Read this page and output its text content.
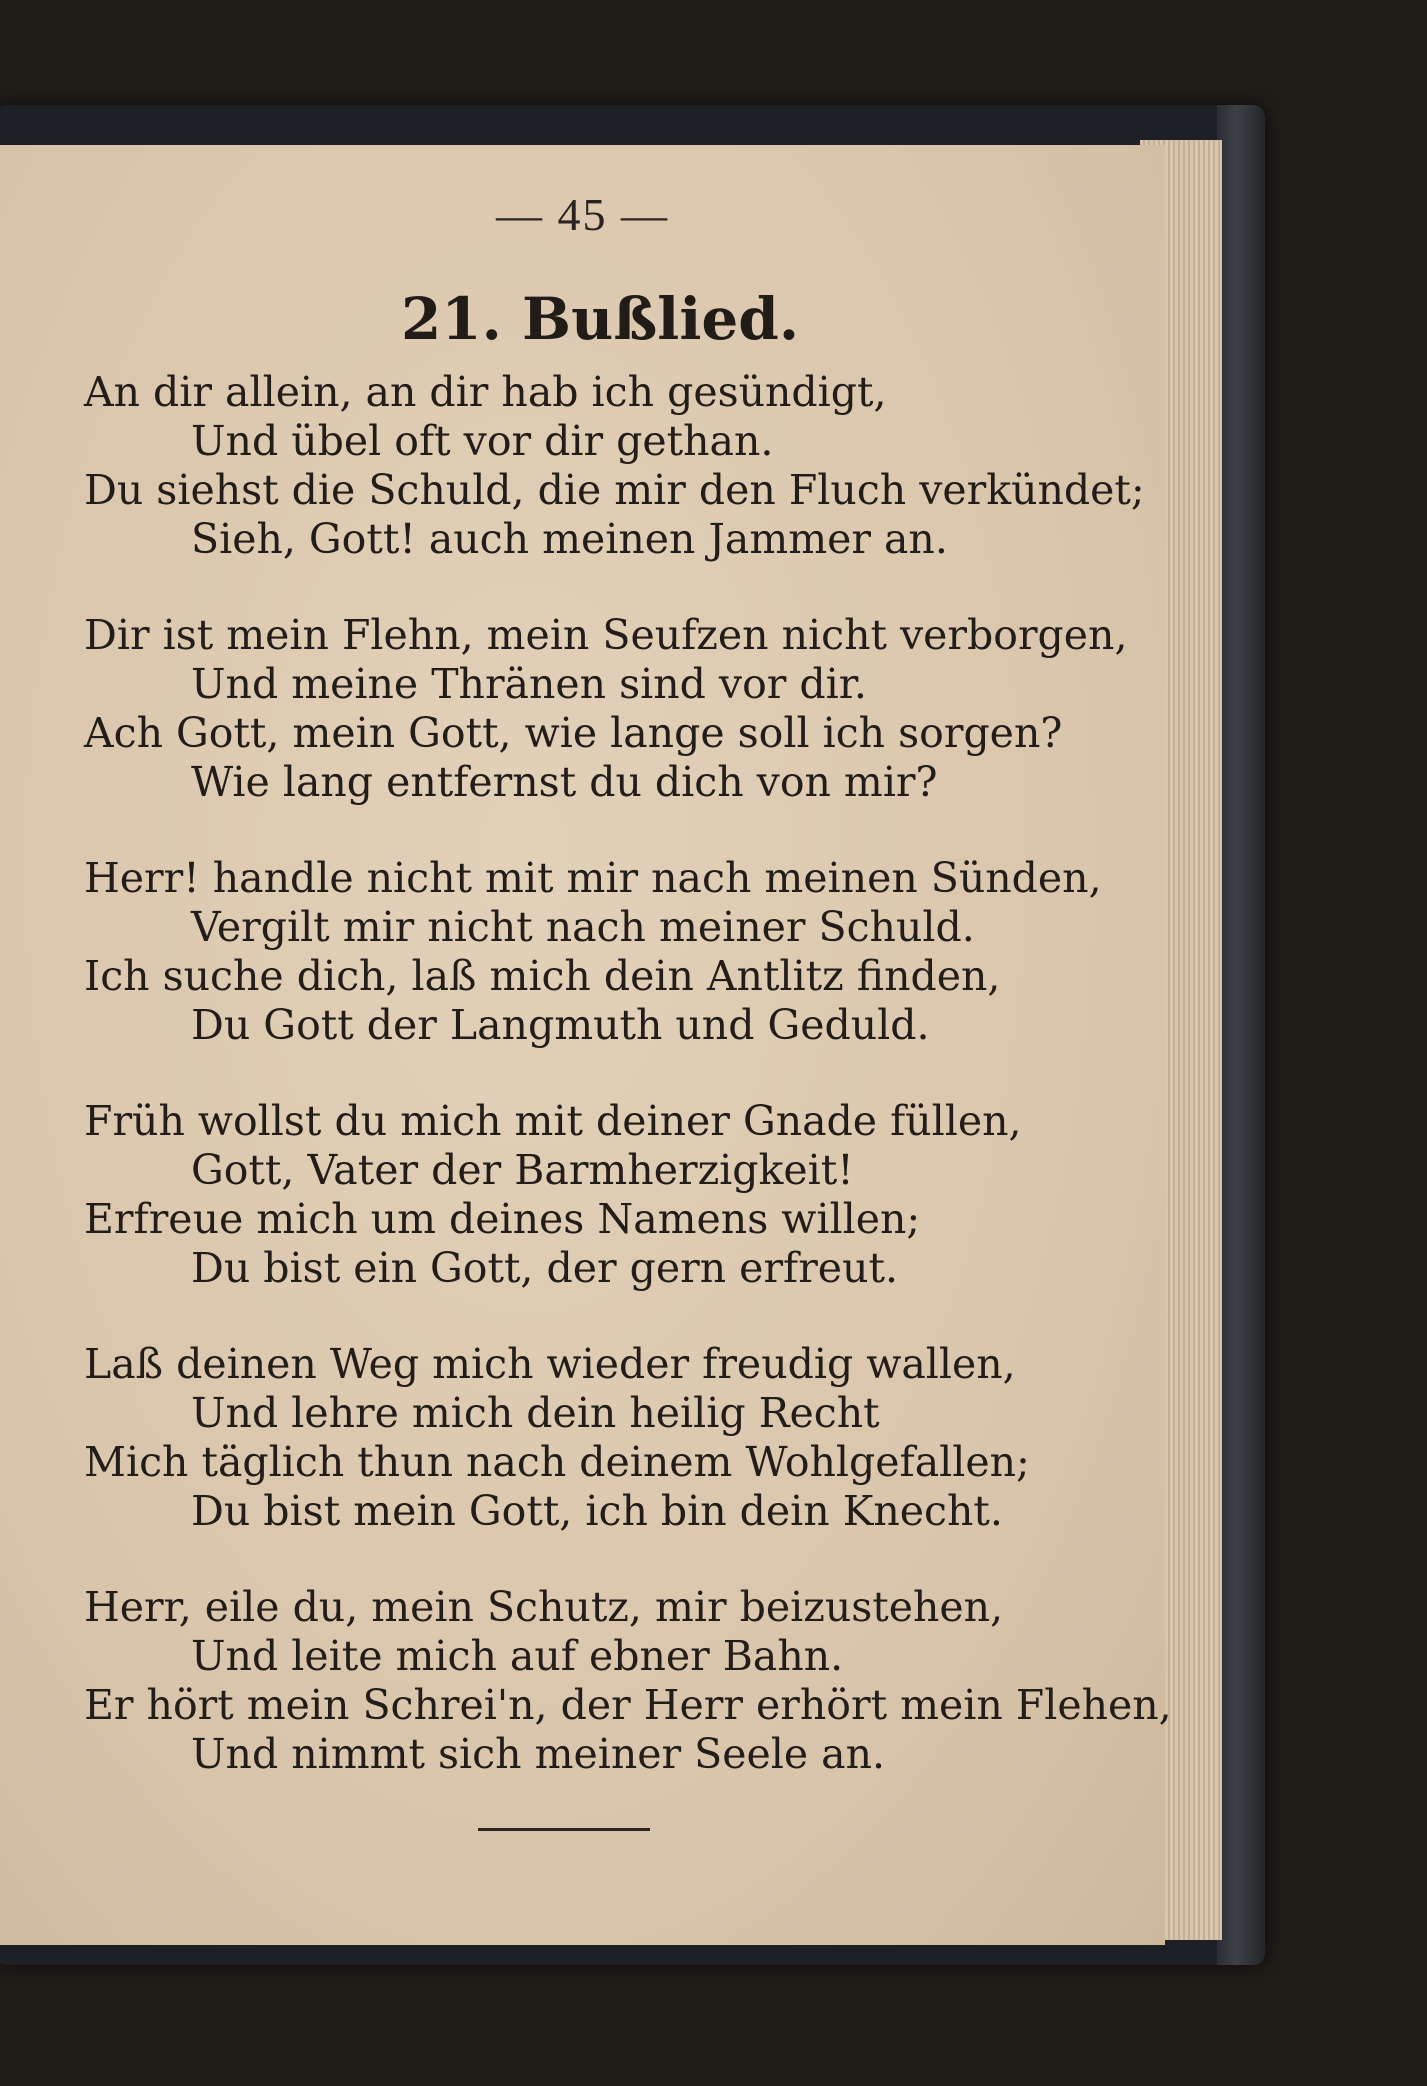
— 45 —
21. Bußlied.
An dir allein, an dir hab ich gesündigt,
Und übel oft vor dir gethan.
Du siehst die Schuld, die mir den Fluch verkündet;
Sieh, Gott! auch meinen Jammer an.
Dir ist mein Flehn, mein Seufzen nicht verborgen,
Und meine Thränen sind vor dir.
Ach Gott, mein Gott, wie lange soll ich sorgen?
Wie lang entfernst du dich von mir?
Herr! handle nicht mit mir nach meinen Sünden,
Vergilt mir nicht nach meiner Schuld.
Ich suche dich, laß mich dein Antlitz finden,
Du Gott der Langmuth und Geduld.
Früh wollst du mich mit deiner Gnade füllen,
Gott, Vater der Barmherzigkeit!
Erfreue mich um deines Namens willen;
Du bist ein Gott, der gern erfreut.
Laß deinen Weg mich wieder freudig wallen,
Und lehre mich dein heilig Recht
Mich täglich thun nach deinem Wohlgefallen;
Du bist mein Gott, ich bin dein Knecht.
Herr, eile du, mein Schutz, mir beizustehen,
Und leite mich auf ebner Bahn.
Er hört mein Schrei'n, der Herr erhört mein Flehen,
Und nimmt sich meiner Seele an.
